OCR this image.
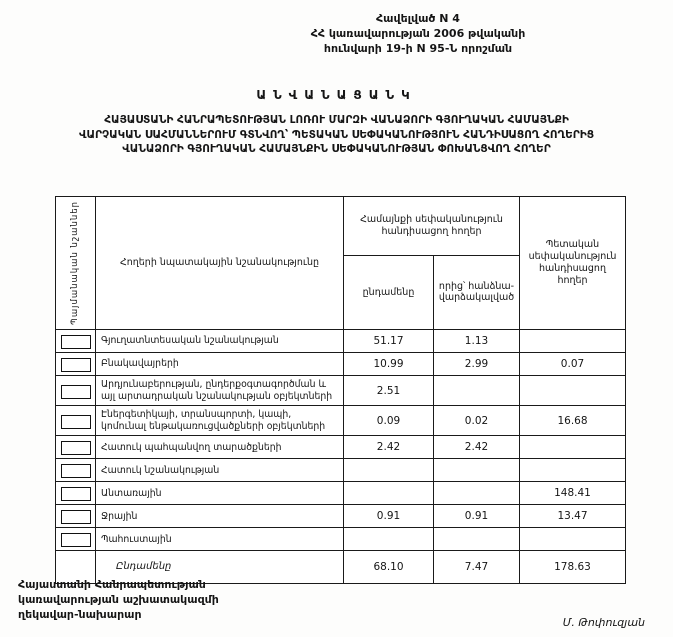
Հավելված N 4
ՀՀ կառավարության 2006 թվականի
հունվարի 19-ի N 95-Ն որոշման
ԱՆՎԱՆԱՑԱՆԿ
ՀԱՅԱՍՏԱՆԻ ՀԱՆՐԱՊԵՏՈՒԹՅԱՆ ԼՈՌՈՒ ՄԱՐԶԻ ՎԱՆԱՁՈՐԻ ԳՅՈՒՂԱԿԱՆ ՀԱՄԱՅՆՔԻ
ՎԱՐՉԱԿԱՆ ՍԱՀՄԱՆՆԵՐՈՒՄ ԳՏՆՎՈՂ՝ ՊԵՏԱԿԱՆ ՍԵՓԱԿԱՆՈՒԹՅՈՒՆ ՀԱՆԴԻՍԱՑՈՂ ՀՈՂԵՐԻՑ
ՎԱՆԱՁՈՐԻ ԳՅՈՒՂԱԿԱՆ ՀԱՄԱՅՆՔԻՆ ՍԵՓԱԿԱՆՈՒԹՅԱՆ ՓՈԽԱՆՑՎՈՂ ՀՈՂԵՐ
Պայմանական նշաններ	Հողերի նպատակային նշանակությունը	Համայնքի սեփականություն հանդիսացող հողեր		Պետական սեփականություն հանդիսացող հողեր
		ընդամենը	որից՝ հանձնա- վարձակալված	
	Գյուղատնտեսական նշանակության	51.17	1.13	
	Բնակավայրերի	10.99	2.99	0.07
	Արդյունաբերության, ընդերքօգտագործման և այլ արտադրական նշանակության օբյեկտների	2.51		
	Էներգետիկայի, տրանսպորտի, կապի, կոմունալ ենթակառուցվածքների օբյեկտների	0.09	0.02	16.68
	Հատուկ պահպանվող տարածքների	2.42	2.42	
	Հատուկ նշանակության			
	Անտառային			148.41
	Ջրային	0.91	0.91	13.47
	Պահուստային			
	Ընդամենը	68.10	7.47	178.63
Հայաստանի Հանրապետության
կառավարության աշխատակազմի
ղեկավար-նախարար
Մ. Թոփուզյան
